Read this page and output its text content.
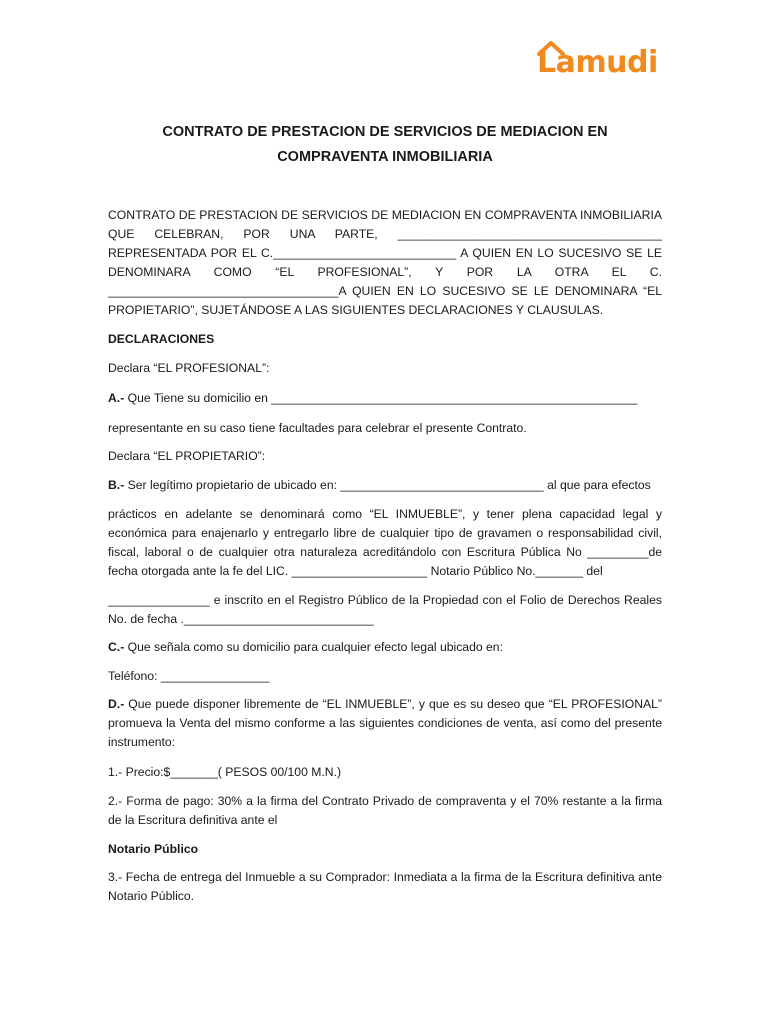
Lamudi
CONTRATO DE PRESTACION DE SERVICIOS DE MEDIACION EN
COMPRAVENTA INMOBILIARIA
CONTRATO DE PRESTACION DE SERVICIOS DE MEDIACION EN COMPRAVENTA INMOBILIARIA QUE CELEBRAN, POR UNA PARTE, _______________________________________ REPRESENTADA POR EL C.___________________________ A QUIEN EN LO SUCESIVO SE LE DENOMINARA COMO “EL PROFESIONAL”, Y POR LA OTRA EL C. __________________________________A QUIEN EN LO SUCESIVO SE LE DENOMINARA “EL PROPIETARIO”, SUJETÁNDOSE A LAS SIGUIENTES DECLARACIONES Y CLAUSULAS.
DECLARACIONES
Declara “EL PROFESIONAL”:
A.- Que Tiene su domicilio en ______________________________________________________
representante en su caso tiene facultades para celebrar el presente Contrato.
Declara “EL PROPIETARIO”:
B.- Ser legítimo propietario de ubicado en: ______________________________ al que para efectos
prácticos en adelante se denominará como “EL INMUEBLE”, y tener plena capacidad legal y económica para enajenarlo y entregarlo libre de cualquier tipo de gravamen o responsabilidad civil, fiscal, laboral o de cualquier otra naturaleza acreditándolo con Escritura Pública No _________de fecha otorgada ante la fe del LIC. ____________________ Notario Público No._______ del
_______________ e inscrito en el Registro Público de la Propiedad con el Folio de Derechos Reales No. de fecha .____________________________
C.- Que señala como su domicilio para cualquier efecto legal ubicado en:
Teléfono: ________________
D.- Que puede disponer libremente de “EL INMUEBLE”, y que es su deseo que “EL PROFESIONAL” promueva la Venta del mismo conforme a las siguientes condiciones de venta, así como del presente instrumento:
1.- Precio:$_______( PESOS 00/100 M.N.)
2.- Forma de pago: 30% a la firma del Contrato Privado de compraventa y el 70% restante a la firma de la Escritura definitiva ante el
Notario Público
3.- Fecha de entrega del Inmueble a su Comprador: Inmediata a la firma de la Escritura definitiva ante Notario Público.
